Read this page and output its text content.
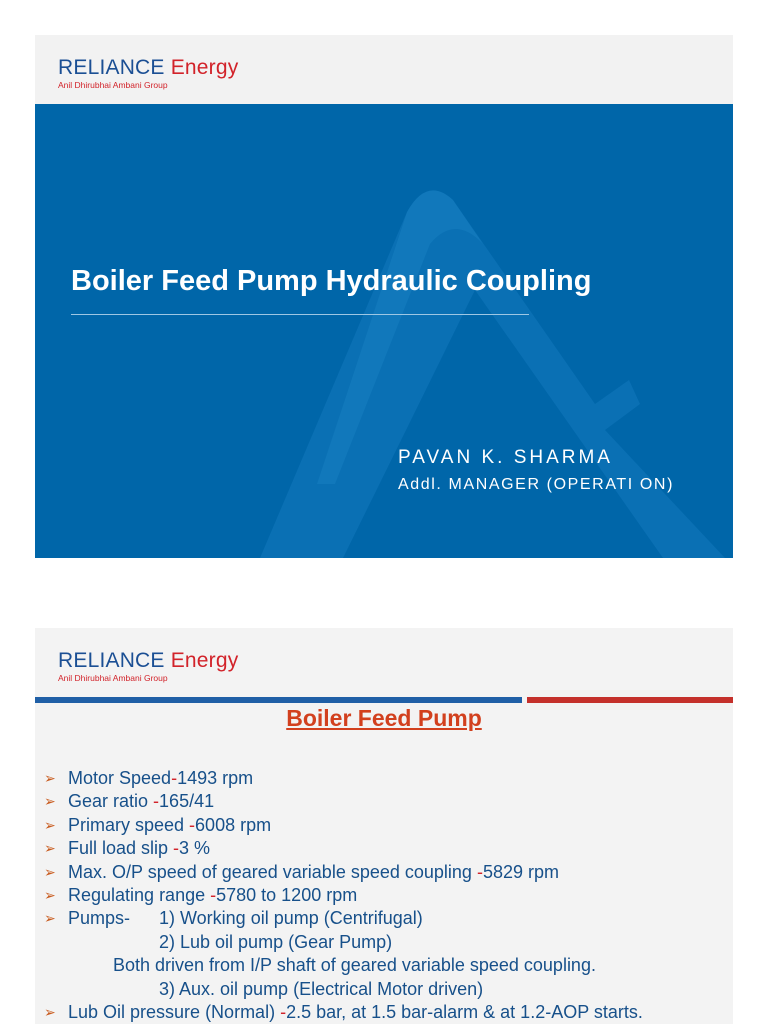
RELIANCE Energy
Anil Dhirubhai Ambani Group
Boiler Feed Pump Hydraulic Coupling
PAVAN K. SHARMA
Addl. MANAGER (OPERATI ON)
RELIANCE Energy
Anil Dhirubhai Ambani Group
Boiler Feed Pump
➢ Motor Speed-1493 rpm
➢ Gear ratio -165/41
➢ Primary speed -6008 rpm
➢ Full load slip -3 %
➢ Max. O/P speed of geared variable speed coupling -5829 rpm
➢ Regulating range -5780 to 1200 rpm
➢ Pumps- 1) Working oil pump (Centrifugal)
2) Lub oil pump (Gear Pump)
Both driven from I/P shaft of geared variable speed coupling.
3) Aux. oil pump (Electrical Motor driven)
➢ Lub Oil pressure (Normal) -2.5 bar, at 1.5 bar-alarm & at 1.2-AOP starts.
